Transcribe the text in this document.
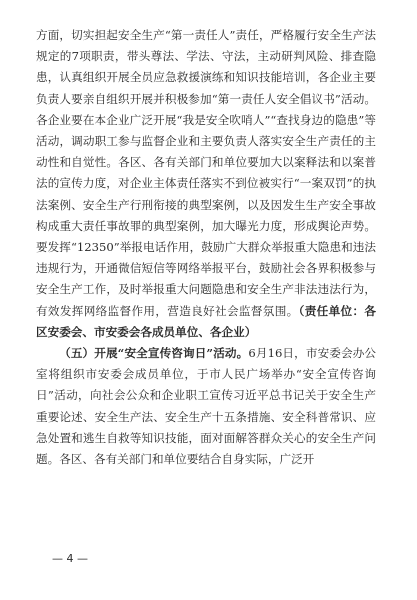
方面，切实担起安全生产“第一责任人”责任，严格履行安全生产法规定的7项职责，带头尊法、学法、守法，主动研判风险、排查隐患，认真组织开展全员应急救援演练和知识技能培训，各企业主要负责人要亲自组织开展并积极参加“第一责任人安全倡议书”活动。各企业要在本企业广泛开展“我是安全吹哨人”“查找身边的隐患”等活动，调动职工参与监督企业和主要负责人落实安全生产责任的主动性和自觉性。各区、各有关部门和单位要加大以案释法和以案普法的宣传力度，对企业主体责任落实不到位被实行“一案双罚”的执法案例、安全生产行刑衔接的典型案例，以及因发生生产安全事故构成重大责任事故罪的典型案例，加大曝光力度，形成舆论声势。要发挥“12350”举报电话作用，鼓励广大群众举报重大隐患和违法违规行为，开通微信短信等网络举报平台，鼓励社会各界积极参与安全生产工作，及时举报重大问题隐患和安全生产非法违法行为，有效发挥网络监督作用，营造良好社会监督氛围。（责任单位：各区安委会、市安委会各成员单位、各企业）

（五）开展“安全宣传咨询日”活动。6月16日，市安委会办公室将组织市安委会成员单位，于市人民广场举办“安全宣传咨询日”活动，向社会公众和企业职工宣传习近平总书记关于安全生产重要论述、安全生产法、安全生产十五条措施、安全科普常识、应急处置和逃生自救等知识技能，面对面解答群众关心的安全生产问题。各区、各有关部门和单位要结合自身实际，广泛开

— 4 —
